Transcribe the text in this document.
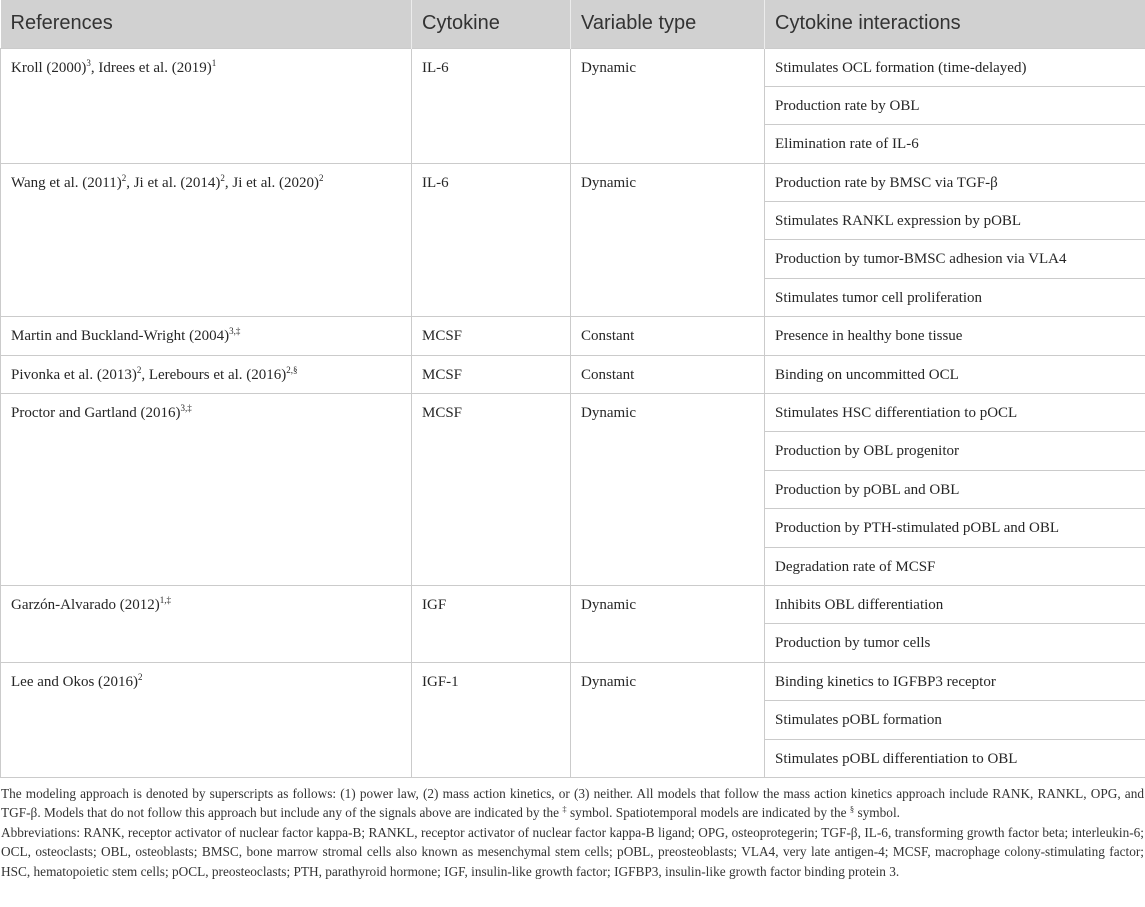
References	Cytokine	Variable type	Cytokine interactions
Kroll $(2000)^3$, Idrees et al. $(2019)^1$	IL-6	Dynamic	Stimulates OCL formation (time-delayed)
			Production rate by OBL
			Elimination rate of IL-6
Wang et al. $(2011)^2$, Ji et al. $(2014)^2$, Ji et al. $(2020)^2$	IL-6	Dynamic	Production rate by BMSC via TGF-β
			Stimulates RANKL expression by pOBL
			Production by tumor-BMSC adhesion via VLA4
			Stimulates tumor cell proliferation
Martin and Buckland-Wright $(2004)^{3,\ddagger}$	MCSF	Constant	Presence in healthy bone tissue
Pivonka et al. $(2013)^2$, Lerebours et al. $(2016)^{2,\S}$	MCSF	Constant	Binding on uncommitted OCL
Proctor and Gartland $(2016)^{3,\ddagger}$	MCSF	Dynamic	Stimulates HSC differentiation to pOCL
			Production by OBL progenitor
			Production by pOBL and OBL
			Production by PTH-stimulated pOBL and OBL
			Degradation rate of MCSF
Garzón-Alvarado $(2012)^{1,\ddagger}$	IGF	Dynamic	Inhibits OBL differentiation
			Production by tumor cells
Lee and Okos $(2016)^2$	IGF-1	Dynamic	Binding kinetics to IGFBP3 receptor
			Stimulates pOBL formation
			Stimulates pOBL differentiation to OBL

The modeling approach is denoted by superscripts as follows: (1) power law, (2) mass action kinetics, or (3) neither. All models that follow the mass action kinetics approach include RANK, RANKL, OPG, and TGF-β. Models that do not follow this approach but include any of the signals above are indicated by the ‡ symbol. Spatiotemporal models are indicated by the § symbol.

Abbreviations: RANK, receptor activator of nuclear factor kappa-B; RANKL, receptor activator of nuclear factor kappa-B ligand; OPG, osteoprotegerin; TGF-β, IL-6, transforming growth factor beta; interleukin-6; OCL, osteoclasts; OBL, osteoblasts; BMSC, bone marrow stromal cells also known as mesenchymal stem cells; pOBL, preosteoblasts; VLA4, very late antigen-4; MCSF, macrophage colony-stimulating factor; HSC, hematopoietic stem cells; pOCL, preosteoclasts; PTH, parathyroid hormone; IGF, insulin-like growth factor; IGFBP3, insulin-like growth factor binding protein 3.
